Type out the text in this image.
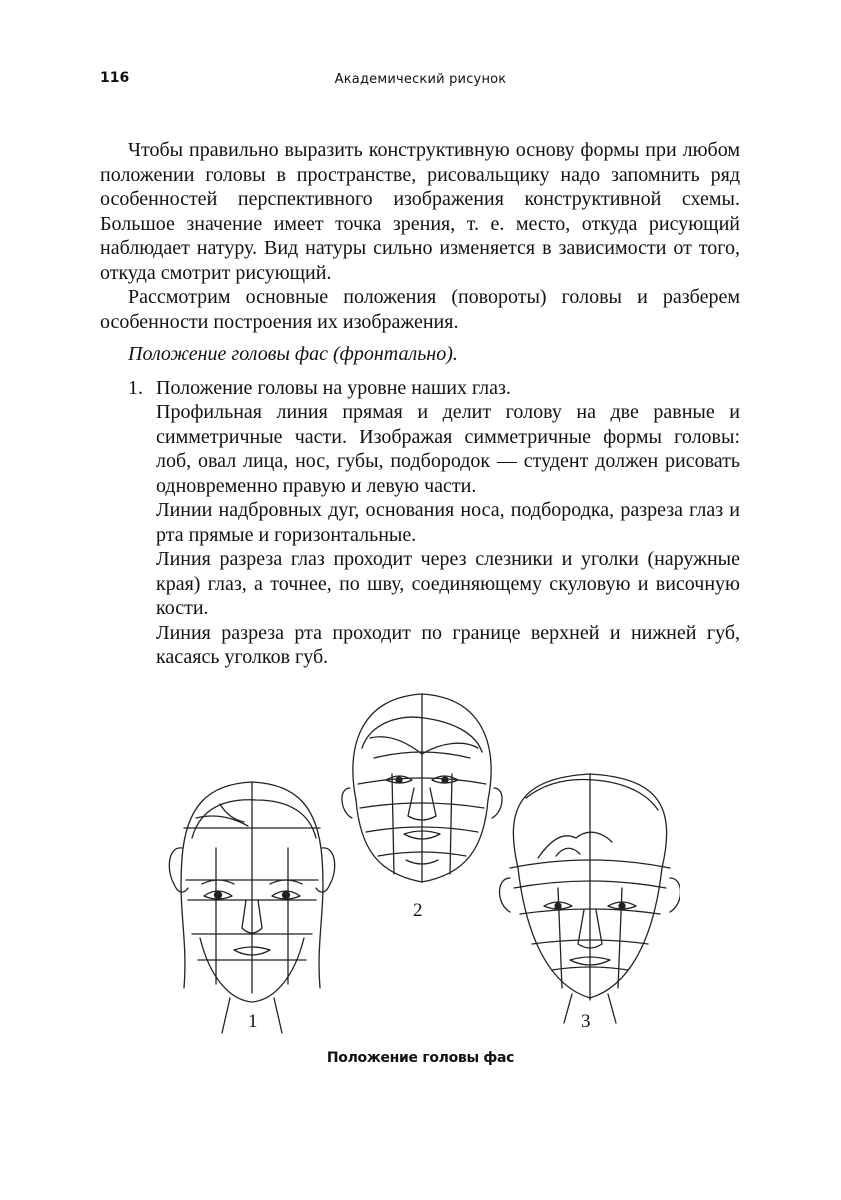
116	Академический рисунок

Чтобы правильно выразить конструктивную основу формы при любом положении головы в пространстве, рисовальщику надо запомнить ряд особенностей перспективного изображения конструктивной схемы. Большое значение имеет точка зрения, т. е. место, откуда рисующий наблюдает натуру. Вид натуры сильно изменяется в зависимости от того, откуда смотрит рисующий.

Рассмотрим основные положения (повороты) головы и разберем особенности построения их изображения.

Положение головы фас (фронтально).

1. Положение головы на уровне наших глаз.

Профильная линия прямая и делит голову на две равные и симметричные части. Изображая симметричные формы головы: лоб, овал лица, нос, губы, подбородок — студент должен рисовать одновременно правую и левую части.

Линии надбровных дуг, основания носа, подбородка, разреза глаз и рта прямые и горизонтальные.

Линия разреза глаз проходит через слезники и уголки (наружные края) глаз, а точнее, по шву, соединяющему скуловую и височную кости.

Линия разреза рта проходит по границе верхней и нижней губ, касаясь уголков губ.

1
2
3
Положение головы фас
